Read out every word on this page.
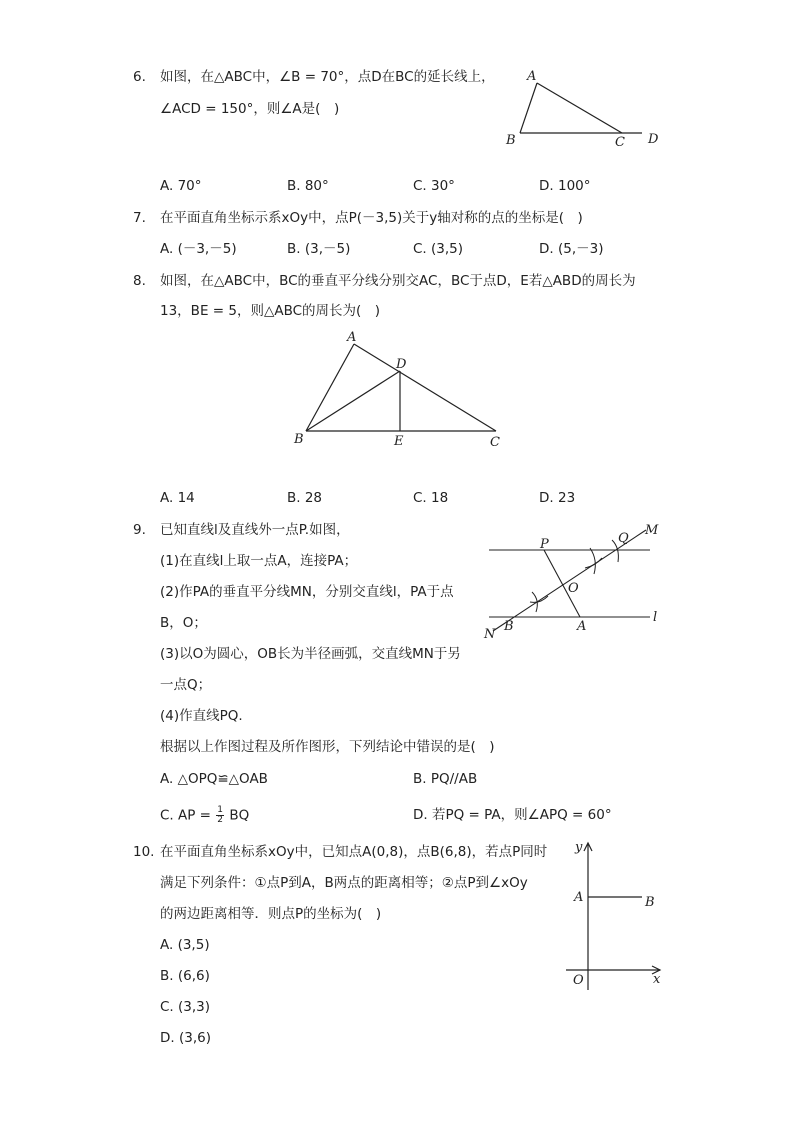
6. 如图，在△ABC中，∠B = 70°，点D在BC的延长线上，
∠ACD = 150°，则∠A是(　)
A
B	C D
A. 70°	B. 80°	C. 30°	D. 100°
7. 在平面直角坐标示系xOy中，点P(－3,5)关于y轴对称的点的坐标是(　)
A. (－3,－5)	B. (3,－5)	C. (3,5)	D. (5,－3)
8. 如图，在△ABC中，BC的垂直平分线分别交AC，BC于点D，E若△ABD的周长为
13，BE = 5，则△ABC的周长为(　)
A
D
B	E	C
A. 14	B. 28	C. 18	D. 23
9. 已知直线l及直线外一点P.如图，
(1)在直线l上取一点A，连接PA；
(2)作PA的垂直平分线MN，分别交直线l，PA于点
B，O；
(3)以O为圆心，OB长为半径画弧，交直线MN于另
一点Q；
(4)作直线PQ.
根据以上作图过程及所作图形，下列结论中错误的是(　)
P	Q
M
O
N
B	A
l
A. △OPQ≌△OAB	B. PQ//AB
C. AP = $\frac{1}{2}$ BQ	D. 若PQ = PA，则∠APQ = 60°
10. 在平面直角坐标系xOy中，已知点A(0,8)，点B(6,8)，若点P同时
满足下列条件：①点P到A，B两点的距离相等；②点P到∠xOy
的两边距离相等．则点P的坐标为(　)
A. (3,5)
B. (6,6)
C. (3,3)
D. (3,6)
y
A	B
O	x
